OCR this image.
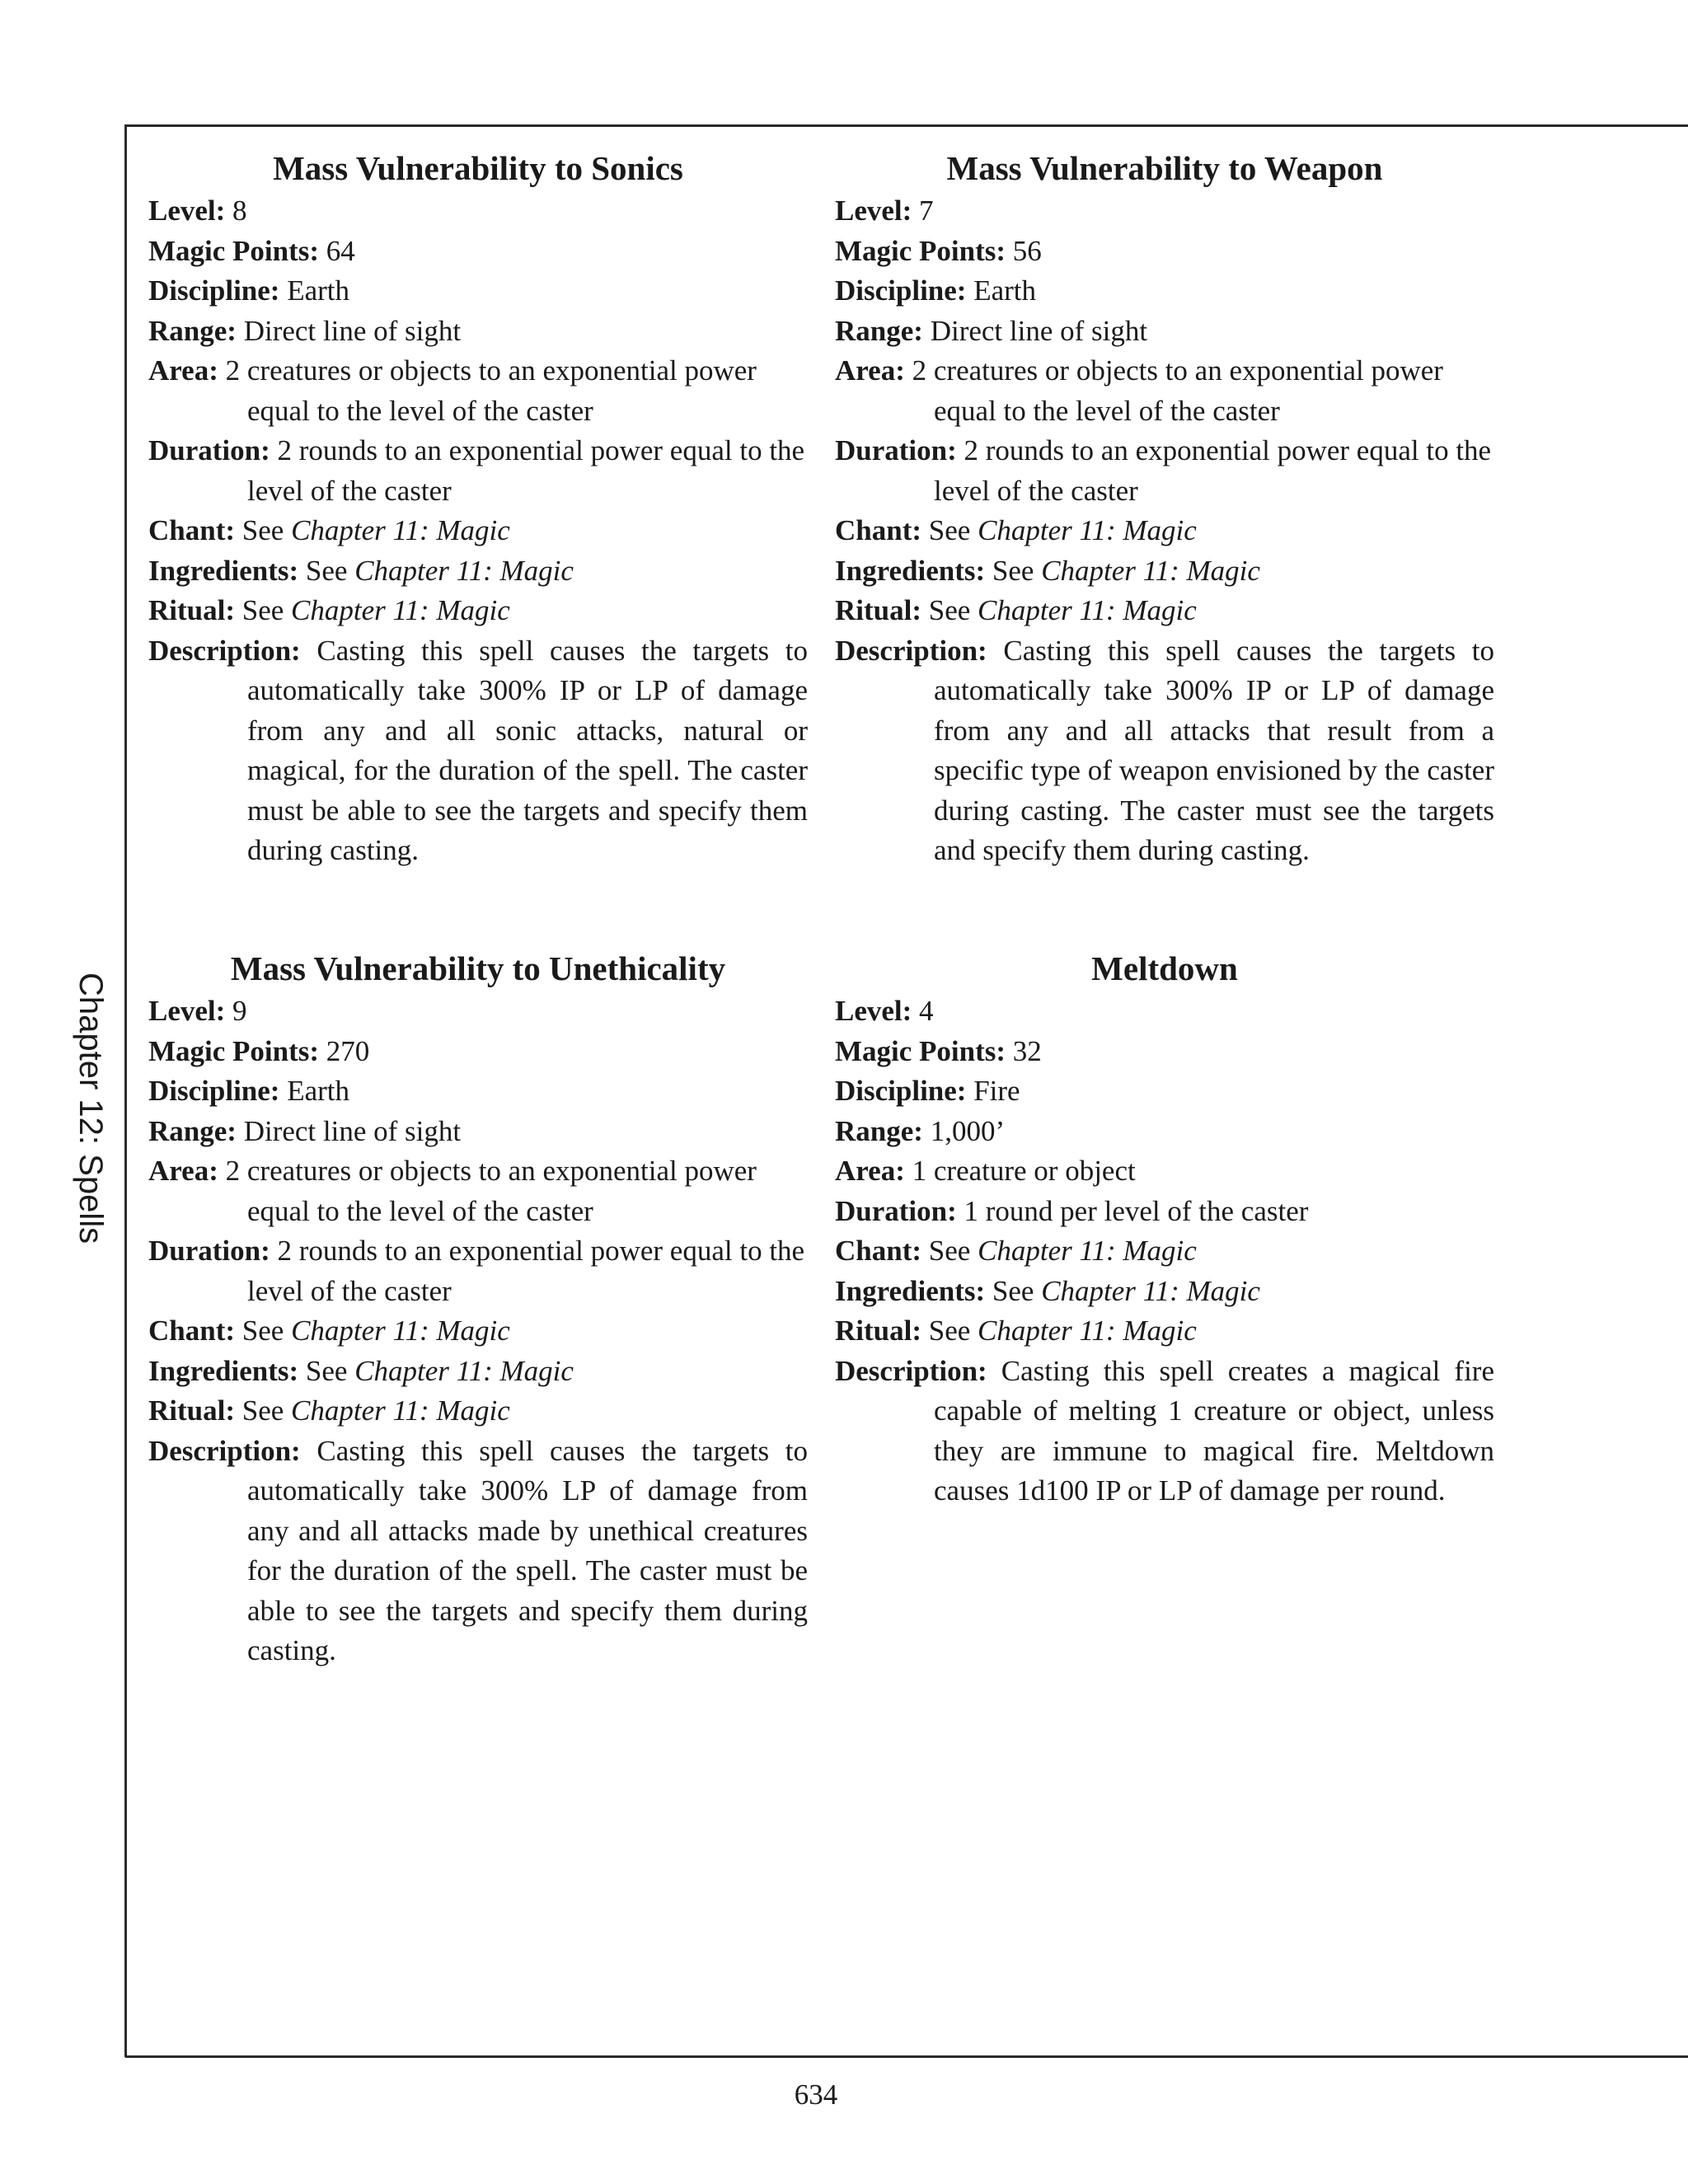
Chapter 12: Spells
Mass Vulnerability to Sonics
Level: 8
Magic Points: 64
Discipline: Earth
Range: Direct line of sight
Area: 2 creatures or objects to an exponential power equal to the level of the caster
Duration: 2 rounds to an exponential power equal to the level of the caster
Chant: See Chapter 11: Magic
Ingredients: See Chapter 11: Magic
Ritual: See Chapter 11: Magic
Description: Casting this spell causes the targets to automatically take 300% IP or LP of damage from any and all sonic attacks, natural or magical, for the duration of the spell. The caster must be able to see the targets and specify them during casting.
Mass Vulnerability to Weapon
Level: 7
Magic Points: 56
Discipline: Earth
Range: Direct line of sight
Area: 2 creatures or objects to an exponential power equal to the level of the caster
Duration: 2 rounds to an exponential power equal to the level of the caster
Chant: See Chapter 11: Magic
Ingredients: See Chapter 11: Magic
Ritual: See Chapter 11: Magic
Description: Casting this spell causes the targets to automatically take 300% IP or LP of damage from any and all attacks that result from a specific type of weapon envisioned by the caster during casting. The caster must see the targets and specify them during casting.
Mass Vulnerability to Unethicality
Level: 9
Magic Points: 270
Discipline: Earth
Range: Direct line of sight
Area: 2 creatures or objects to an exponential power equal to the level of the caster
Duration: 2 rounds to an exponential power equal to the level of the caster
Chant: See Chapter 11: Magic
Ingredients: See Chapter 11: Magic
Ritual: See Chapter 11: Magic
Description: Casting this spell causes the targets to automatically take 300% LP of damage from any and all attacks made by unethical creatures for the duration of the spell. The caster must be able to see the targets and specify them during casting.
Meltdown
Level: 4
Magic Points: 32
Discipline: Fire
Range: 1,000’
Area: 1 creature or object
Duration: 1 round per level of the caster
Chant: See Chapter 11: Magic
Ingredients: See Chapter 11: Magic
Ritual: See Chapter 11: Magic
Description: Casting this spell creates a magical fire capable of melting 1 creature or object, unless they are immune to magical fire. Meltdown causes 1d100 IP or LP of damage per round.
634
